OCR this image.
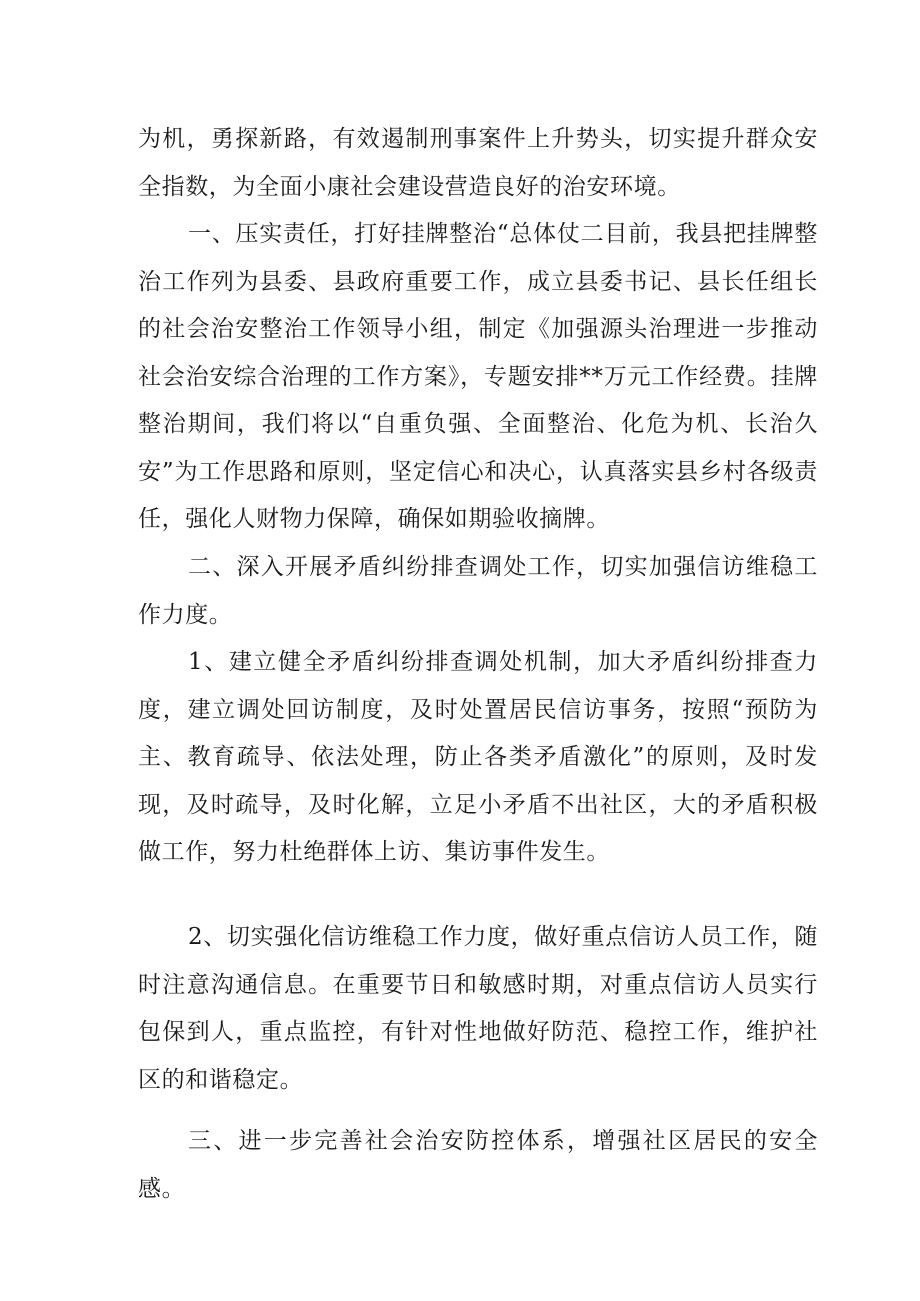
为机，勇探新路，有效遏制刑事案件上升势头，切实提升群众安全指数，为全面小康社会建设营造良好的治安环境。

一、压实责任，打好挂牌整治“总体仗二目前，我县把挂牌整治工作列为县委、县政府重要工作，成立县委书记、县长任组长的社会治安整治工作领导小组，制定《加强源头治理进一步推动社会治安综合治理的工作方案》，专题安排**万元工作经费。挂牌整治期间，我们将以“自重负强、全面整治、化危为机、长治久安”为工作思路和原则，坚定信心和决心，认真落实县乡村各级责任，强化人财物力保障，确保如期验收摘牌。

二、深入开展矛盾纠纷排查调处工作，切实加强信访维稳工作力度。

1、建立健全矛盾纠纷排查调处机制，加大矛盾纠纷排查力度，建立调处回访制度，及时处置居民信访事务，按照“预防为主、教育疏导、依法处理，防止各类矛盾激化”的原则，及时发现，及时疏导，及时化解，立足小矛盾不出社区，大的矛盾积极做工作，努力杜绝群体上访、集访事件发生。

2、切实强化信访维稳工作力度，做好重点信访人员工作，随时注意沟通信息。在重要节日和敏感时期，对重点信访人员实行包保到人，重点监控，有针对性地做好防范、稳控工作，维护社区的和谐稳定。

三、进一步完善社会治安防控体系，增强社区居民的安全感。
